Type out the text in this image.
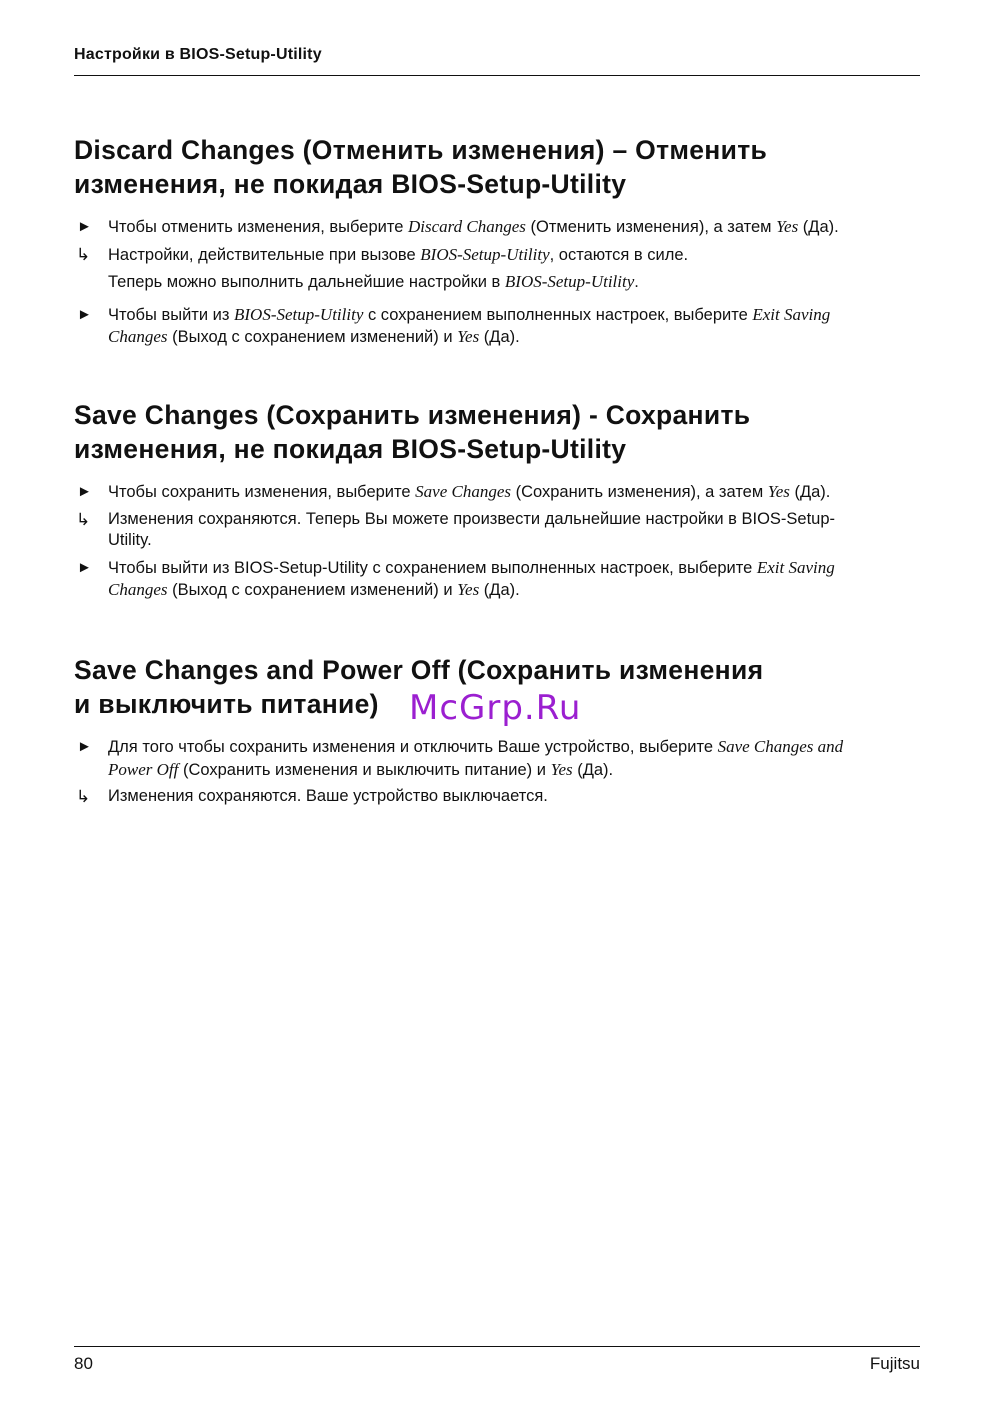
Настройки в BIOS-Setup-Utility
Discard Changes (Отменить изменения) – Отменить
изменения, не покидая BIOS-Setup-Utility
► Чтобы отменить изменения, выберите Discard Changes (Отменить изменения), а затем Yes (Да).
↳ Настройки, действительные при вызове BIOS-Setup-Utility, остаются в силе.
Теперь можно выполнить дальнейшие настройки в BIOS-Setup-Utility.
► Чтобы выйти из BIOS-Setup-Utility с сохранением выполненных настроек, выберите Exit Saving Changes (Выход с сохранением изменений) и Yes (Да).
Save Changes (Сохранить изменения) - Сохранить
изменения, не покидая BIOS-Setup-Utility
► Чтобы сохранить изменения, выберите Save Changes (Сохранить изменения), а затем Yes (Да).
↳ Изменения сохраняются. Теперь Вы можете произвести дальнейшие настройки в BIOS-Setup-Utility.
► Чтобы выйти из BIOS-Setup-Utility с сохранением выполненных настроек, выберите Exit Saving Changes (Выход с сохранением изменений) и Yes (Да).
Save Changes and Power Off (Сохранить изменения
и выключить питание)
► Для того чтобы сохранить изменения и отключить Ваше устройство, выберите Save Changes and Power Off (Сохранить изменения и выключить питание) и Yes (Да).
↳ Изменения сохраняются. Ваше устройство выключается.
McGrp.Ru
80	Fujitsu
